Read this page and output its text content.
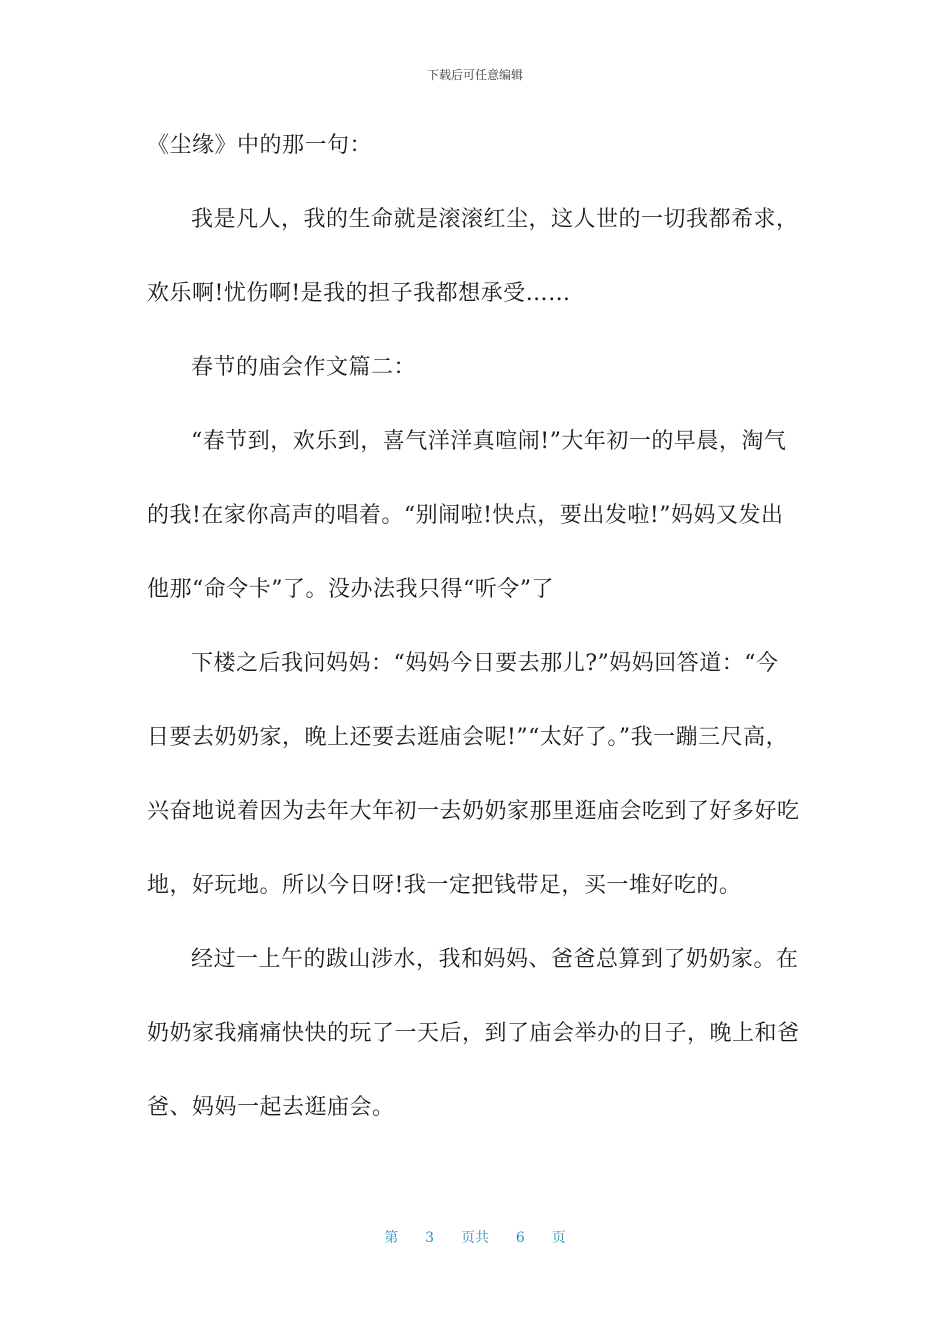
下载后可任意编辑
《尘缘》中的那一句：
我是凡人，我的生命就是滚滚红尘，这人世的一切我都希求，
欢乐啊!忧伤啊!是我的担子我都想承受……
春节的庙会作文篇二：
“春节到，欢乐到，喜气洋洋真喧闹!”大年初一的早晨，淘气
的我!在家你高声的唱着。“别闹啦!快点，要出发啦!”妈妈又发出
他那“命令卡”了。没办法我只得“听令”了
下楼之后我问妈妈：“妈妈今日要去那儿?”妈妈回答道：“今
日要去奶奶家，晚上还要去逛庙会呢!”“太好了。”我一蹦三尺高，
兴奋地说着因为去年大年初一去奶奶家那里逛庙会吃到了好多好吃
地，好玩地。所以今日呀!我一定把钱带足，买一堆好吃的。
经过一上午的跋山涉水，我和妈妈、爸爸总算到了奶奶家。在
奶奶家我痛痛快快的玩了一天后，到了庙会举办的日子，晚上和爸
爸、妈妈一起去逛庙会。
第 3 页共 6 页
